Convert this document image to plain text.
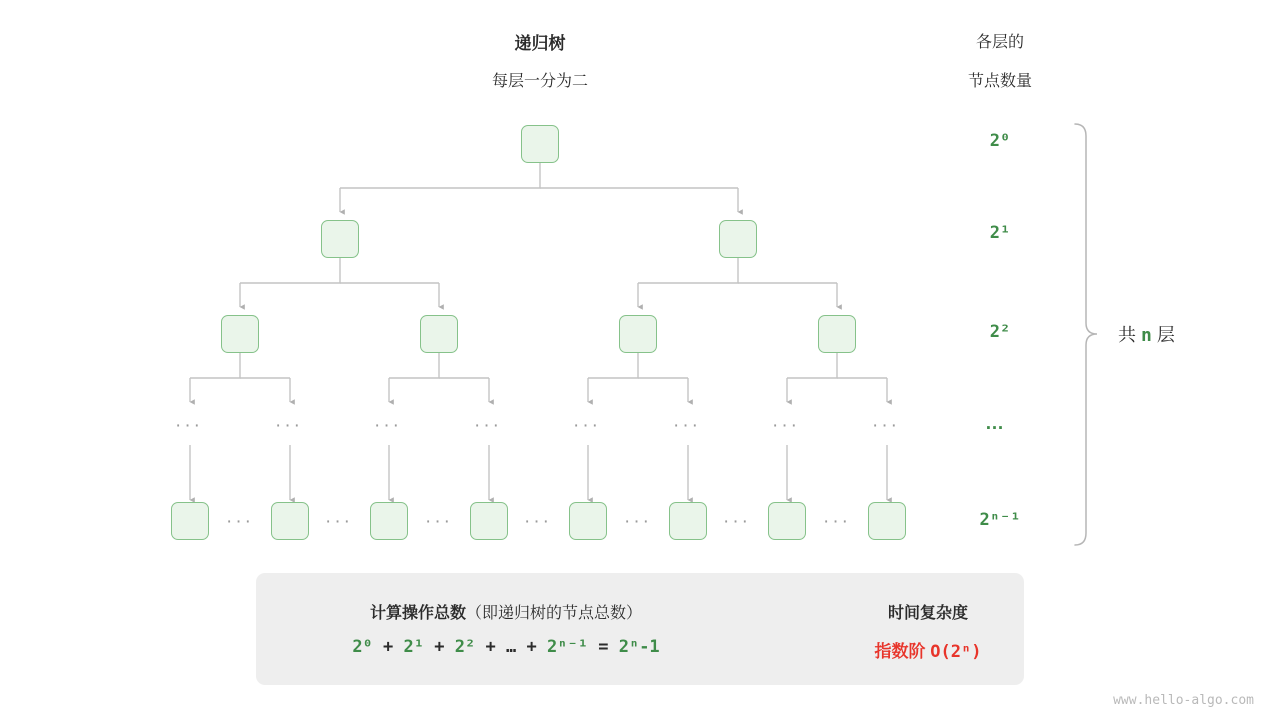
递归树
每层一分为二
各层的
节点数量
···	···	···	···	···	···	···	···
···	···	···	···	···	···	···
2⁰
2¹
2²
…
2ⁿ⁻¹
共 n 层
计算操作总数（即递归树的节点总数）
2⁰ + 2¹ + 2² + … + 2ⁿ⁻¹ = 2ⁿ-1
时间复杂度
指数阶 O(2ⁿ)
www.hello-algo.com
